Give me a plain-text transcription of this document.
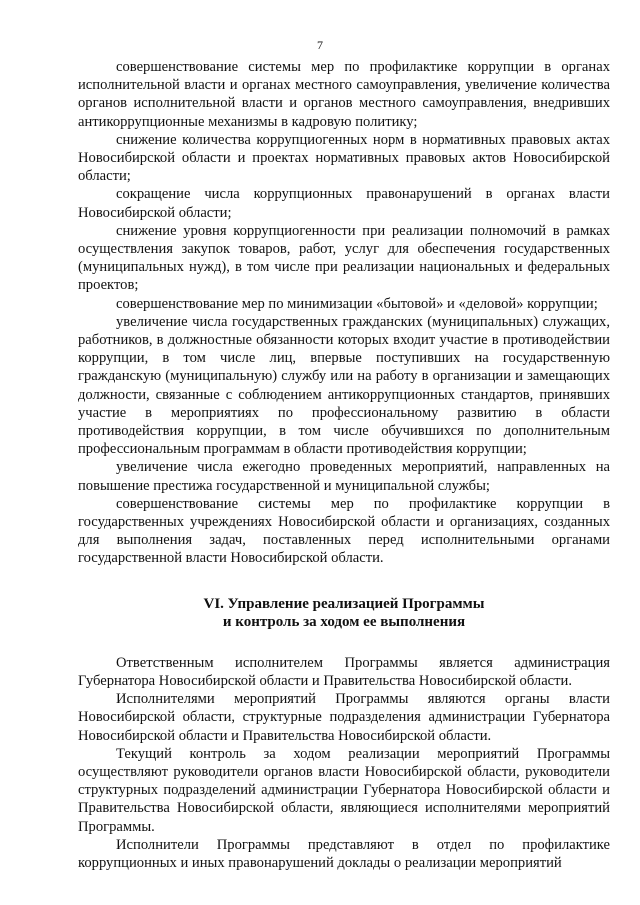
7

совершенствование системы мер по профилактике коррупции в органах исполнительной власти и органах местного самоуправления, увеличение количества органов исполнительной власти и органов местного самоуправления, внедривших антикоррупционные механизмы в кадровую политику;

снижение количества коррупциогенных норм в нормативных правовых актах Новосибирской области и проектах нормативных правовых актов Новосибирской области;

сокращение числа коррупционных правонарушений в органах власти Новосибирской области;

снижение уровня коррупциогенности при реализации полномочий в рамках осуществления закупок товаров, работ, услуг для обеспечения государственных (муниципальных нужд), в том числе при реализации национальных и федеральных проектов;

совершенствование мер по минимизации «бытовой» и «деловой» коррупции;

увеличение числа государственных гражданских (муниципальных) служащих, работников, в должностные обязанности которых входит участие в противодействии коррупции, в том числе лиц, впервые поступивших на государственную гражданскую (муниципальную) службу или на работу в организации и замещающих должности, связанные с соблюдением антикоррупционных стандартов, принявших участие в мероприятиях по профессиональному развитию в области противодействия коррупции, в том числе обучившихся по дополнительным профессиональным программам в области противодействия коррупции;

увеличение числа ежегодно проведенных мероприятий, направленных на повышение престижа государственной и муниципальной службы;

совершенствование системы мер по профилактике коррупции в государственных учреждениях Новосибирской области и организациях, созданных для выполнения задач, поставленных перед исполнительными органами государственной власти Новосибирской области.

VI. Управление реализацией Программы
и контроль за ходом ее выполнения

Ответственным исполнителем Программы является администрация Губернатора Новосибирской области и Правительства Новосибирской области.

Исполнителями мероприятий Программы являются органы власти Новосибирской области, структурные подразделения администрации Губернатора Новосибирской области и Правительства Новосибирской области.

Текущий контроль за ходом реализации мероприятий Программы осуществляют руководители органов власти Новосибирской области, руководители структурных подразделений администрации Губернатора Новосибирской области и Правительства Новосибирской области, являющиеся исполнителями мероприятий Программы.

Исполнители Программы представляют в отдел по профилактике коррупционных и иных правонарушений доклады о реализации мероприятий
